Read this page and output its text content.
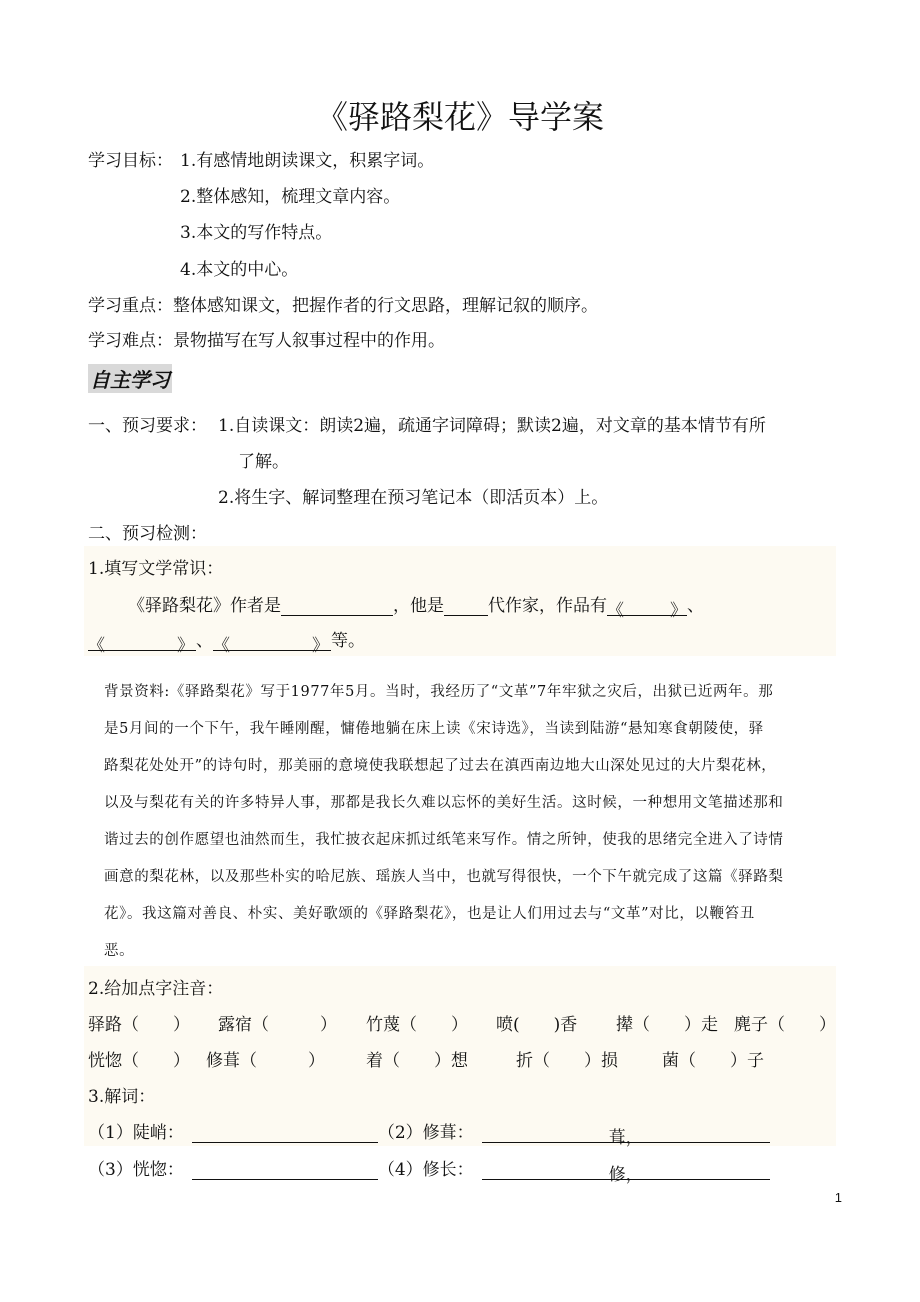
《驿路梨花》导学案
学习目标： 1.有感情地朗读课文，积累字词。
2.整体感知，梳理文章内容。
3.本文的写作特点。
4.本文的中心。
学习重点：整体感知课文，把握作者的行文思路，理解记叙的顺序。
学习难点：景物描写在写人叙事过程中的作用。
自主学习
一、预习要求： 1.自读课文：朗读2遍，疏通字词障碍；默读2遍，对文章的基本情节有所
了解。
2.将生字、解词整理在预习笔记本（即活页本）上。
二、预习检测：
1.填写文学常识：
《驿路梨花》作者是	，他是	代作家，作品有《	》、
《	》 、《	》 等。
背景资料:《驿路梨花》写于1977年5月。当时，我经历了“文革”7年牢狱之灾后，出狱已近两年。那
是5月间的一个下午，我午睡刚醒，慵倦地躺在床上读《宋诗选》，当读到陆游“悬知寒食朝陵使，驿
路梨花处处开”的诗句时，那美丽的意境使我联想起了过去在滇西南边地大山深处见过的大片梨花林，
以及与梨花有关的许多特异人事，那都是我长久难以忘怀的美好生活。这时候，一种想用文笔描述那和
谐过去的创作愿望也油然而生，我忙披衣起床抓过纸笔来写作。情之所钟，使我的思绪完全进入了诗情
画意的梨花林，以及那些朴实的哈尼族、瑶族人当中，也就写得很快，一个下午就完成了这篇《驿路梨
花》。我这篇对善良、朴实、美好歌颂的《驿路梨花》，也是让人们用过去与“文革”对比，以鞭笞丑
恶。
2.给加点字注音：
驿路（　　） 露宿（　　　） 竹蔑（　　） 喷(　　)香 撵（　　）走 麂子（　　）
恍惚（　　） 修葺（　　　） 着（　　）想	折（　　）损	菌（　　）子
3.解词：
（1）陡峭：	（2）修葺：	葺，
（3）恍惚：	（4）修长：	修，
1
